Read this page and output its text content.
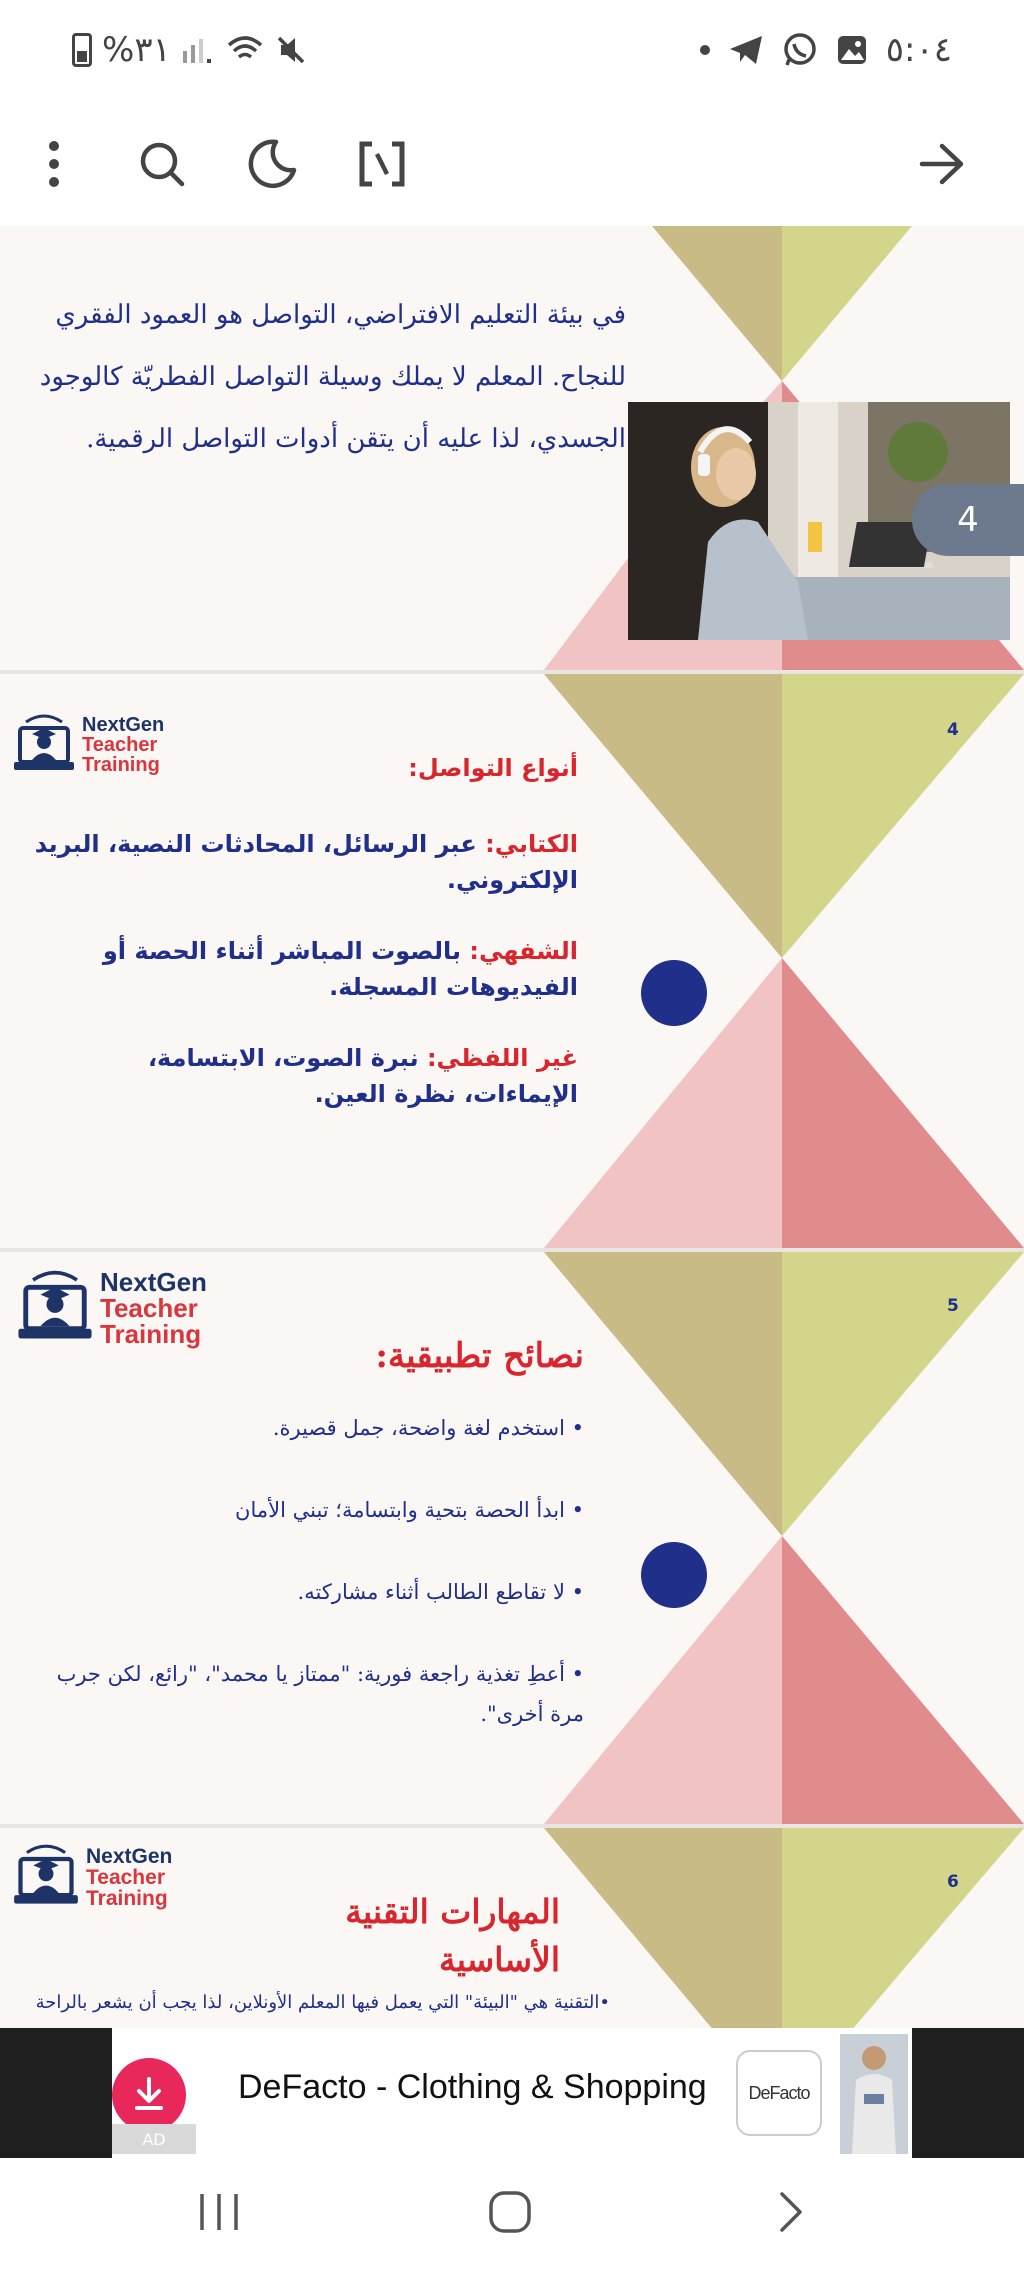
%٣١	٥:٠٤
في بيئة التعليم الافتراضي، التواصل هو العمود الفقري للنجاح. المعلم لا يملك وسيلة التواصل الفطريّة كالوجود الجسدي، لذا عليه أن يتقن أدوات التواصل الرقمية.
4
4
NextGen
Teacher
Training	أنواع التواصل:
الكتابي: عبر الرسائل، المحادثات النصية، البريد الإلكتروني.
الشفهي: بالصوت المباشر أثناء الحصة أو الفيديوهات المسجلة.
غير اللفظي: نبرة الصوت، الابتسامة، الإيماءات، نظرة العين.
5
NextGen
Teacher
Training
نصائح تطبيقية:
• استخدم لغة واضحة، جمل قصيرة.
• ابدأ الحصة بتحية وابتسامة؛ تبني الأمان
• لا تقاطع الطالب أثناء مشاركته.
• أعطِ تغذية راجعة فورية: "ممتاز يا محمد"، "رائع، لكن جرب مرة أخرى".
6
NextGen
Teacher
Training	المهارات التقنية الأساسية
•التقنية هي "البيئة" التي يعمل فيها المعلم الأونلاين، لذا يجب أن يشعر بالراحة
AD
DeFacto - Clothing & Shopping DeFacto
